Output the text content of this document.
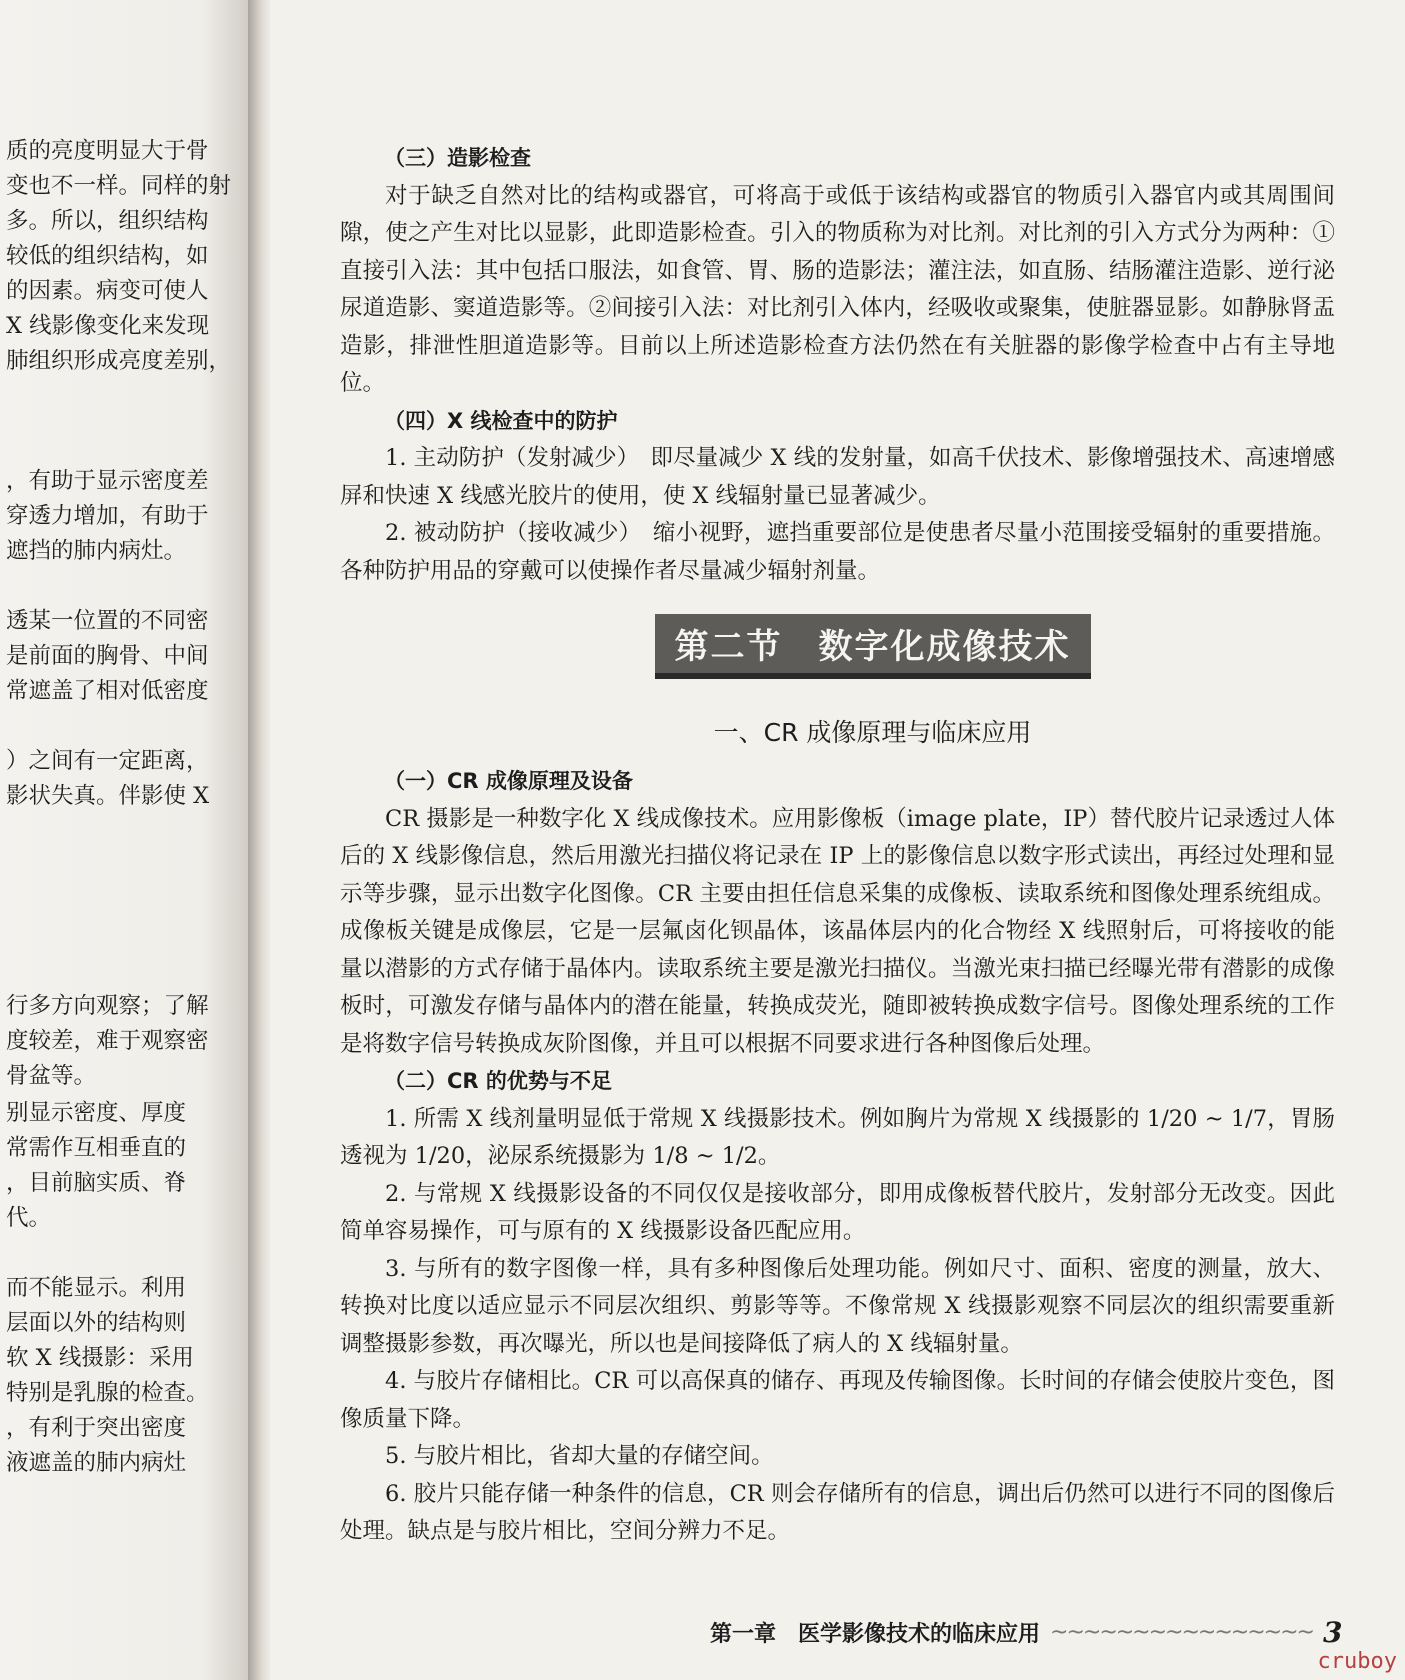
质的亮度明显大于骨
变也不一样。同样的射
多。所以，组织结构
较低的组织结构，如
的因素。病变可使人
X 线影像变化来发现
肺组织形成亮度差别，
，有助于显示密度差
穿透力增加，有助于
遮挡的肺内病灶。
透某一位置的不同密
是前面的胸骨、中间
常遮盖了相对低密度
）之间有一定距离，
影状失真。伴影使 X
行多方向观察；了解
度较差，难于观察密
骨盆等。
别显示密度、厚度
常需作互相垂直的
，目前脑实质、脊
代。
而不能显示。利用
层面以外的结构则
软 X 线摄影：采用
特别是乳腺的检查。
，有利于突出密度
液遮盖的肺内病灶

（三）造影检查

对于缺乏自然对比的结构或器官，可将高于或低于该结构或器官的物质引入器官内或其周围间隙，使之产生对比以显影，此即造影检查。引入的物质称为对比剂。对比剂的引入方式分为两种：①直接引入法：其中包括口服法，如食管、胃、肠的造影法；灌注法，如直肠、结肠灌注造影、逆行泌尿道造影、窦道造影等。②间接引入法：对比剂引入体内，经吸收或聚集，使脏器显影。如静脉肾盂造影，排泄性胆道造影等。目前以上所述造影检查方法仍然在有关脏器的影像学检查中占有主导地位。

（四）X 线检查中的防护

1. 主动防护（发射减少）　即尽量减少 X 线的发射量，如高千伏技术、影像增强技术、高速增感屏和快速 X 线感光胶片的使用，使 X 线辐射量已显著减少。

2. 被动防护（接收减少）　缩小视野，遮挡重要部位是使患者尽量小范围接受辐射的重要措施。各种防护用品的穿戴可以使操作者尽量减少辐射剂量。

第二节　数字化成像技术
一、CR 成像原理与临床应用

（一）CR 成像原理及设备

CR 摄影是一种数字化 X 线成像技术。应用影像板（image plate，IP）替代胶片记录透过人体后的 X 线影像信息，然后用激光扫描仪将记录在 IP 上的影像信息以数字形式读出，再经过处理和显示等步骤，显示出数字化图像。CR 主要由担任信息采集的成像板、读取系统和图像处理系统组成。成像板关键是成像层，它是一层氟卤化钡晶体，该晶体层内的化合物经 X 线照射后，可将接收的能量以潜影的方式存储于晶体内。读取系统主要是激光扫描仪。当激光束扫描已经曝光带有潜影的成像板时，可激发存储与晶体内的潜在能量，转换成荧光，随即被转换成数字信号。图像处理系统的工作是将数字信号转换成灰阶图像，并且可以根据不同要求进行各种图像后处理。

（二）CR 的优势与不足

1. 所需 X 线剂量明显低于常规 X 线摄影技术。例如胸片为常规 X 线摄影的 1/20 ~ 1/7，胃肠透视为 1/20，泌尿系统摄影为 1/8 ~ 1/2。

2. 与常规 X 线摄影设备的不同仅仅是接收部分，即用成像板替代胶片，发射部分无改变。因此简单容易操作，可与原有的 X 线摄影设备匹配应用。

3. 与所有的数字图像一样，具有多种图像后处理功能。例如尺寸、面积、密度的测量，放大、转换对比度以适应显示不同层次组织、剪影等等。不像常规 X 线摄影观察不同层次的组织需要重新调整摄影参数，再次曝光，所以也是间接降低了病人的 X 线辐射量。

4. 与胶片存储相比。CR 可以高保真的储存、再现及传输图像。长时间的存储会使胶片变色，图像质量下降。

5. 与胶片相比，省却大量的存储空间。

6. 胶片只能存储一种条件的信息，CR 则会存储所有的信息，调出后仍然可以进行不同的图像后处理。缺点是与胶片相比，空间分辨力不足。

第一章　医学影像技术的临床应用 ~~~~~~~~~~~~~~~~ 3
cruboy
